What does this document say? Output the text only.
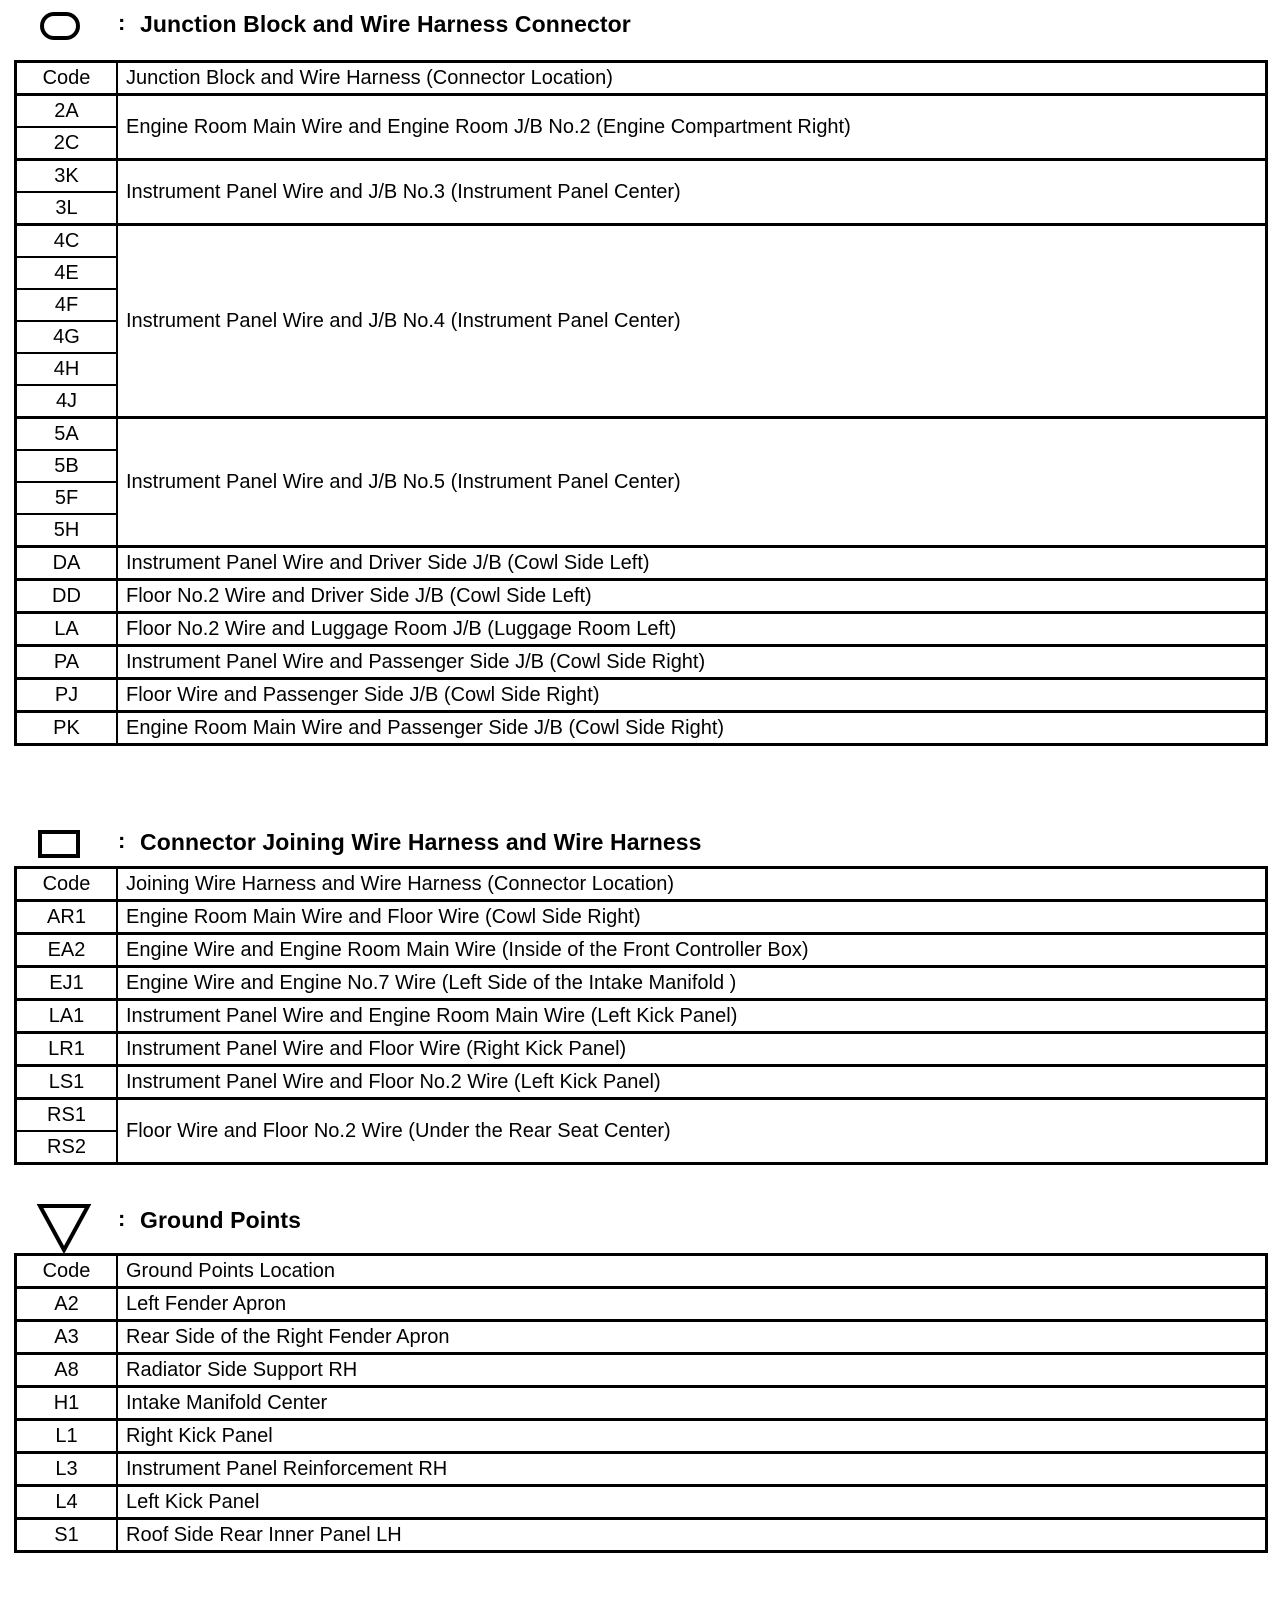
: Junction Block and Wire Harness Connector
Code	Junction Block and Wire Harness (Connector Location)
2A	Engine Room Main Wire and Engine Room J/B No.2 (Engine Compartment Right)
2C	
3K	Instrument Panel Wire and J/B No.3 (Instrument Panel Center)
3L	
4C	Instrument Panel Wire and J/B No.4 (Instrument Panel Center)
4E	
4F	
4G	
4H	
4J	
5A	Instrument Panel Wire and J/B No.5 (Instrument Panel Center)
5B	
5F	
5H	
DA	Instrument Panel Wire and Driver Side J/B (Cowl Side Left)
DD	Floor No.2 Wire and Driver Side J/B (Cowl Side Left)
LA	Floor No.2 Wire and Luggage Room J/B (Luggage Room Left)
PA	Instrument Panel Wire and Passenger Side J/B (Cowl Side Right)
PJ	Floor Wire and Passenger Side J/B (Cowl Side Right)
PK	Engine Room Main Wire and Passenger Side J/B (Cowl Side Right)
: Connector Joining Wire Harness and Wire Harness
Code	Joining Wire Harness and Wire Harness (Connector Location)
AR1	Engine Room Main Wire and Floor Wire (Cowl Side Right)
EA2	Engine Wire and Engine Room Main Wire (Inside of the Front Controller Box)
EJ1	Engine Wire and Engine No.7 Wire (Left Side of the Intake Manifold )
LA1	Instrument Panel Wire and Engine Room Main Wire (Left Kick Panel)
LR1	Instrument Panel Wire and Floor Wire (Right Kick Panel)
LS1	Instrument Panel Wire and Floor No.2 Wire (Left Kick Panel)
RS1	Floor Wire and Floor No.2 Wire (Under the Rear Seat Center)
RS2	
: Ground Points
Code	Ground Points Location
A2	Left Fender Apron
A3	Rear Side of the Right Fender Apron
A8	Radiator Side Support RH
H1	Intake Manifold Center
L1	Right Kick Panel
L3	Instrument Panel Reinforcement RH
L4	Left Kick Panel
S1	Roof Side Rear Inner Panel LH
